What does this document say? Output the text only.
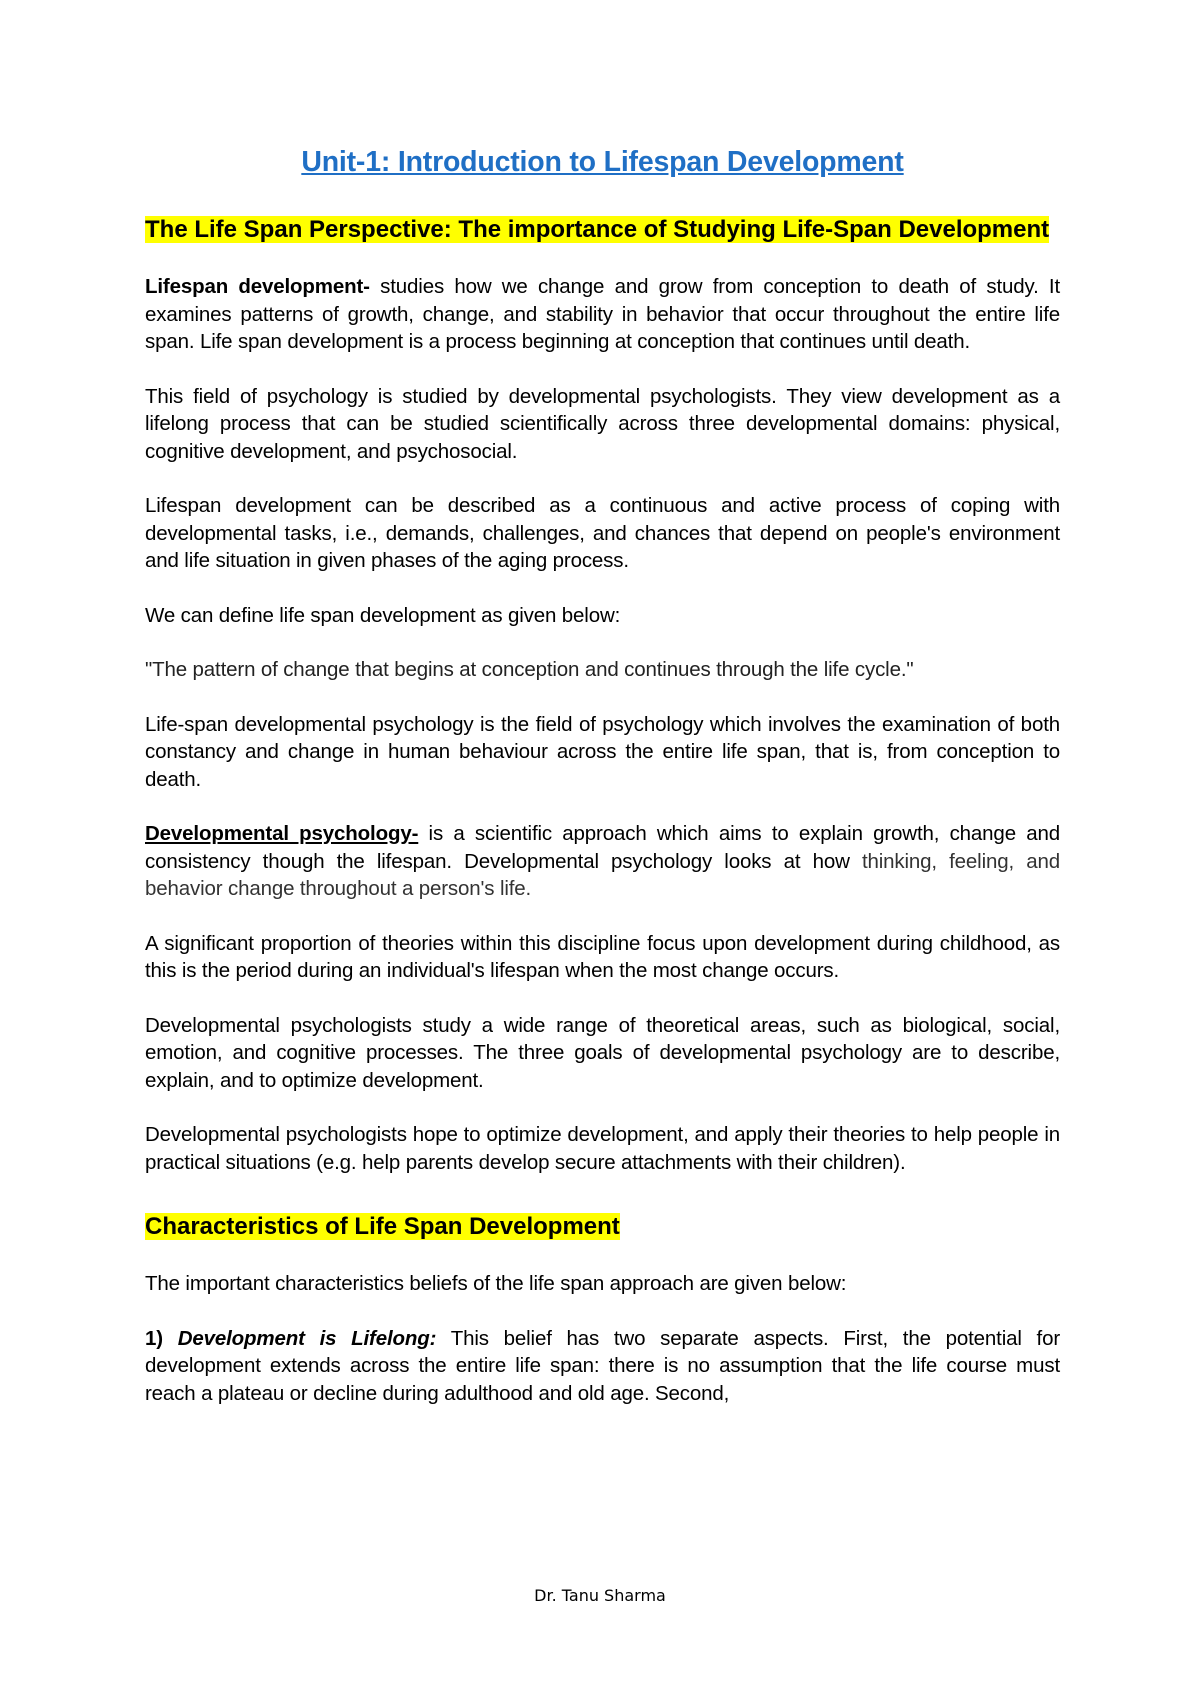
Unit-1: Introduction to Lifespan Development
The Life Span Perspective: The importance of Studying Life-Span Development

Lifespan development- studies how we change and grow from conception to death of study. It examines patterns of growth, change, and stability in behavior that occur throughout the entire life span. Life span development is a process beginning at conception that continues until death.

This field of psychology is studied by developmental psychologists. They view development as a lifelong process that can be studied scientifically across three developmental domains: physical, cognitive development, and psychosocial.

Lifespan development can be described as a continuous and active process of coping with developmental tasks, i.e., demands, challenges, and chances that depend on people's environment and life situation in given phases of the aging process.

We can define life span development as given below:

"The pattern of change that begins at conception and continues through the life cycle."

Life-span developmental psychology is the field of psychology which involves the examination of both constancy and change in human behaviour across the entire life span, that is, from conception to death.

Developmental psychology- is a scientific approach which aims to explain growth, change and consistency though the lifespan. Developmental psychology looks at how thinking, feeling, and behavior change throughout a person's life.

A significant proportion of theories within this discipline focus upon development during childhood, as this is the period during an individual's lifespan when the most change occurs.

Developmental psychologists study a wide range of theoretical areas, such as biological, social, emotion, and cognitive processes. The three goals of developmental psychology are to describe, explain, and to optimize development.

Developmental psychologists hope to optimize development, and apply their theories to help people in practical situations (e.g. help parents develop secure attachments with their children).

Characteristics of Life Span Development

The important characteristics beliefs of the life span approach are given below:

1) Development is Lifelong: This belief has two separate aspects. First, the potential for development extends across the entire life span: there is no assumption that the life course must reach a plateau or decline during adulthood and old age. Second,

Dr. Tanu Sharma
